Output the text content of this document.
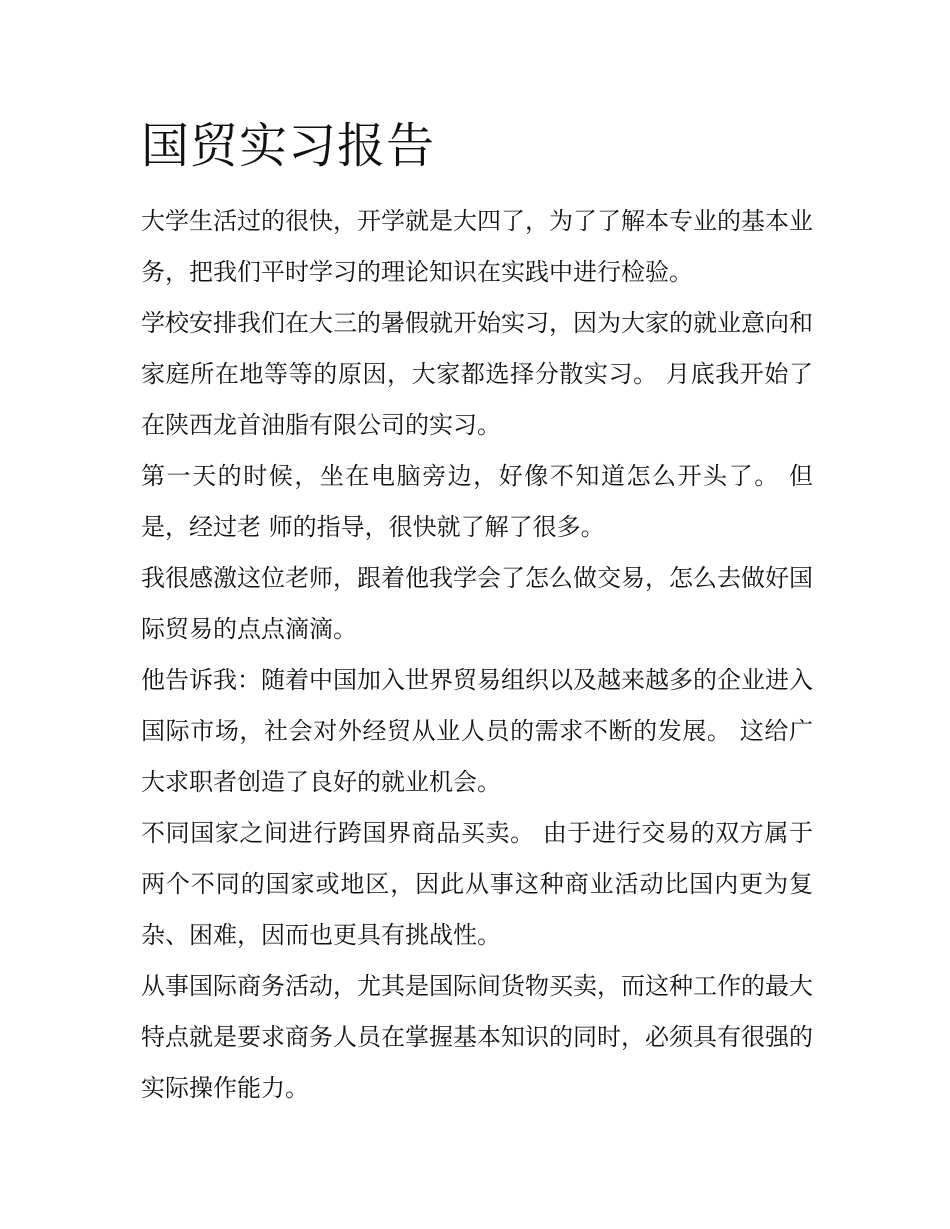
国贸实习报告

大学生活过的很快，开学就是大四了，为了了解本专业的基本业务，把我们平时学习的理论知识在实践中进行检验。

学校安排我们在大三的暑假就开始实习，因为大家的就业意向和家庭所在地等等的原因，大家都选择分散实习。 月底我开始了在陕西龙首油脂有限公司的实习。

第一天的时候，坐在电脑旁边，好像不知道怎么开头了。 但是，经过老 师的指导，很快就了解了很多。

我很感激这位老师，跟着他我学会了怎么做交易，怎么去做好国际贸易的点点滴滴。

他告诉我：随着中国加入世界贸易组织以及越来越多的企业进入国际市场，社会对外经贸从业人员的需求不断的发展。 这给广大求职者创造了良好的就业机会。

不同国家之间进行跨国界商品买卖。 由于进行交易的双方属于两个不同的国家或地区，因此从事这种商业活动比国内更为复杂、困难，因而也更具有挑战性。

从事国际商务活动，尤其是国际间货物买卖，而这种工作的最大特点就是要求商务人员在掌握基本知识的同时，必须具有很强的实际操作能力。
